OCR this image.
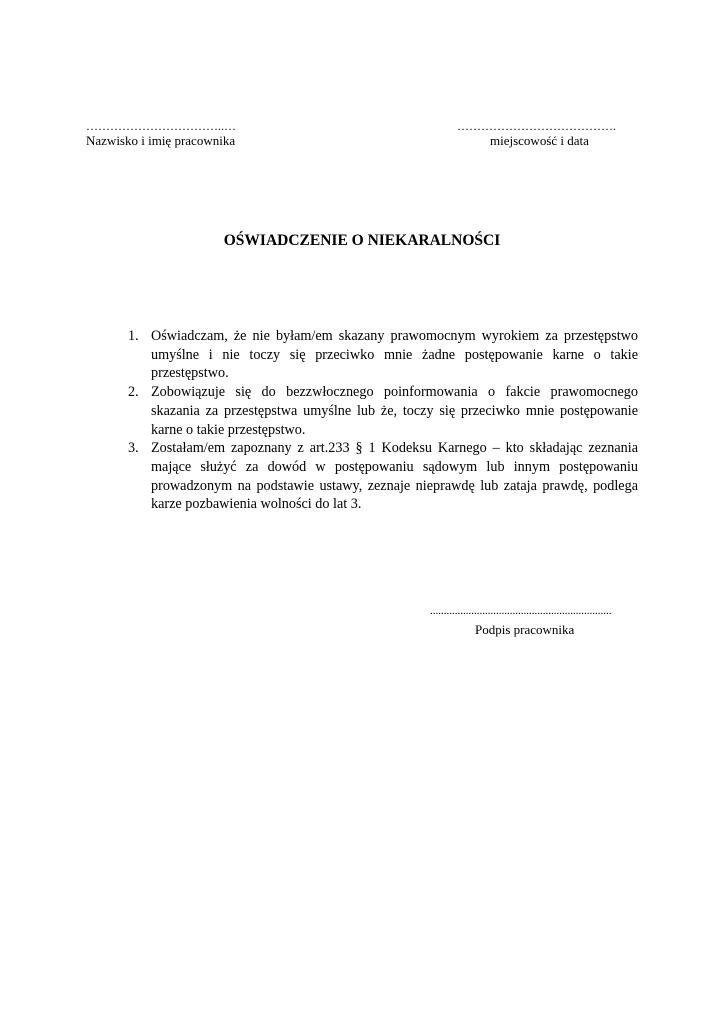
……………………………..…
Nazwisko i imię pracownika
………………………………….
miejscowość i data
OŚWIADCZENIE O NIEKARALNOŚCI
1. Oświadczam, że nie byłam/em skazany prawomocnym wyrokiem za przestępstwo umyślne i nie toczy się przeciwko mnie żadne postępowanie karne o takie przestępstwo.
2. Zobowiązuje się do bezzwłocznego poinformowania o fakcie prawomocnego skazania za przestępstwa umyślne lub że, toczy się przeciwko mnie postępowanie karne o takie przestępstwo.
3. Zostałam/em zapoznany z art.233 § 1 Kodeksu Karnego – kto składając zeznania mające służyć za dowód w postępowaniu sądowym lub innym postępowaniu prowadzonym na podstawie ustawy, zeznaje nieprawdę lub zataja prawdę, podlega karze pozbawienia wolności do lat 3.
..................................................................
Podpis pracownika
